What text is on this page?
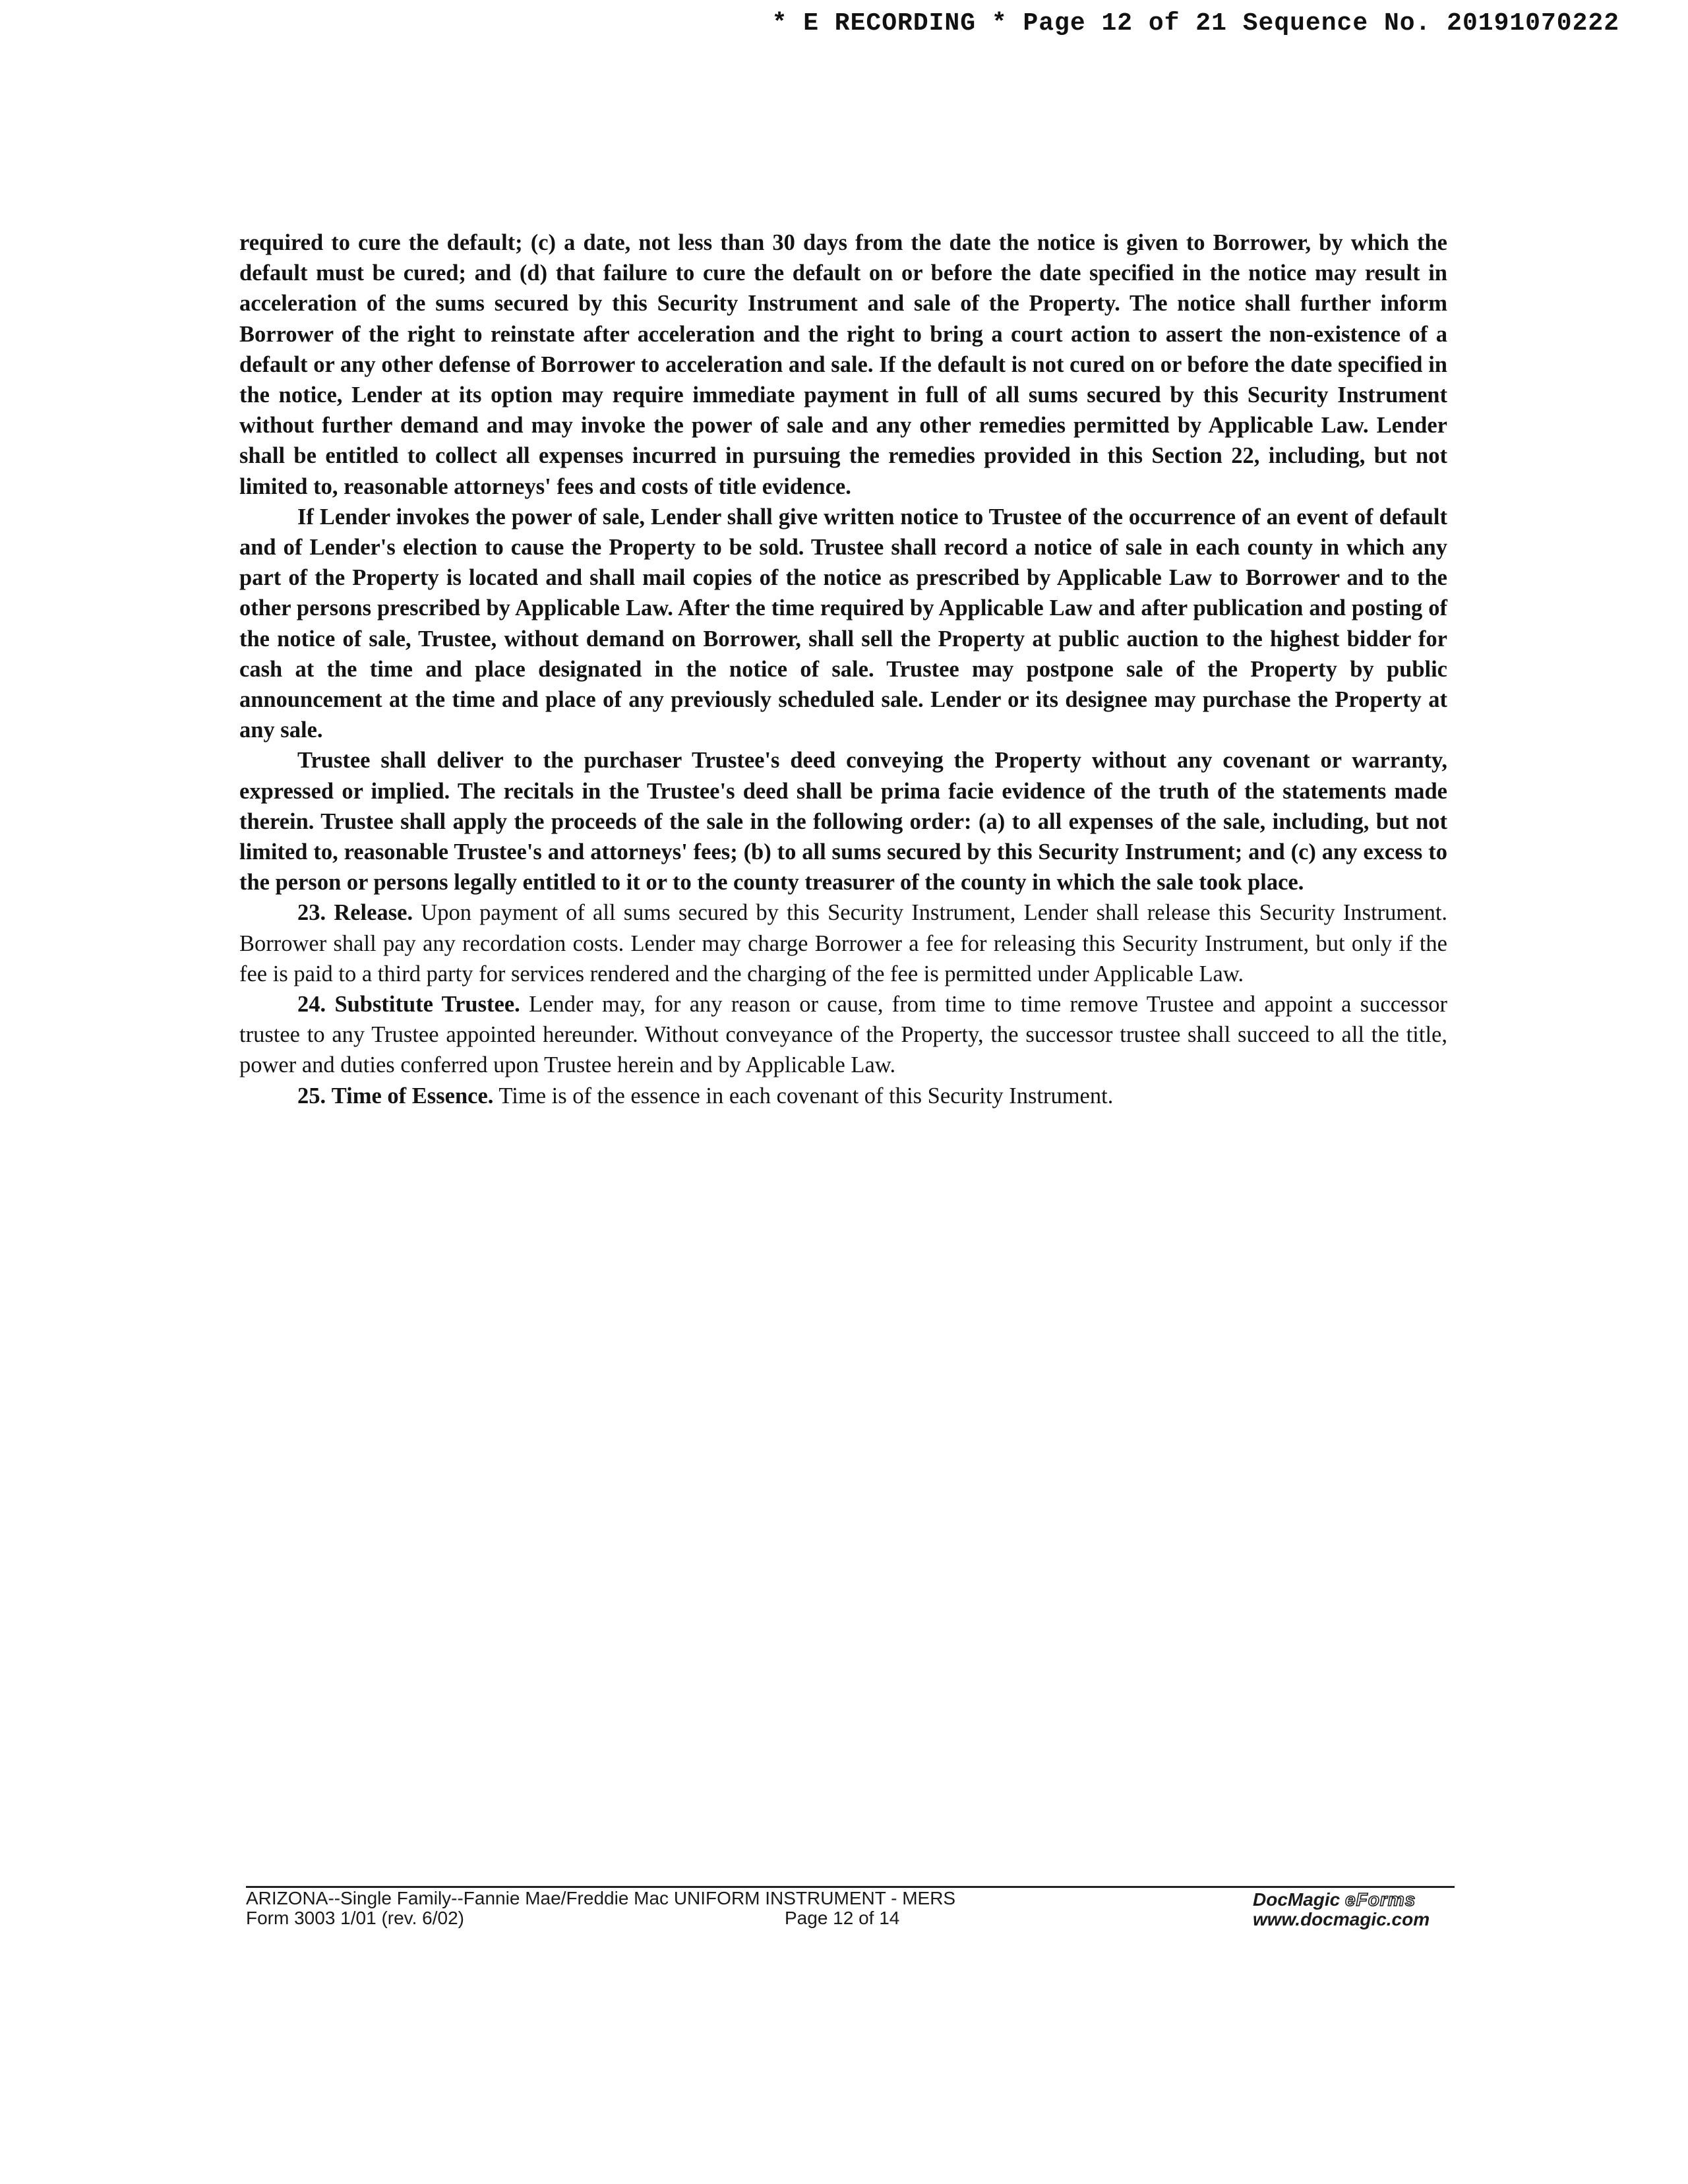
* E RECORDING * Page 12 of 21 Sequence No. 20191070222

required to cure the default; (c) a date, not less than 30 days from the date the notice is given to Borrower, by which the default must be cured; and (d) that failure to cure the default on or before the date specified in the notice may result in acceleration of the sums secured by this Security Instrument and sale of the Property. The notice shall further inform Borrower of the right to reinstate after acceleration and the right to bring a court action to assert the non-existence of a default or any other defense of Borrower to acceleration and sale. If the default is not cured on or before the date specified in the notice, Lender at its option may require immediate payment in full of all sums secured by this Security Instrument without further demand and may invoke the power of sale and any other remedies permitted by Applicable Law. Lender shall be entitled to collect all expenses incurred in pursuing the remedies provided in this Section 22, including, but not limited to, reasonable attorneys' fees and costs of title evidence.

If Lender invokes the power of sale, Lender shall give written notice to Trustee of the occurrence of an event of default and of Lender's election to cause the Property to be sold. Trustee shall record a notice of sale in each county in which any part of the Property is located and shall mail copies of the notice as prescribed by Applicable Law to Borrower and to the other persons prescribed by Applicable Law. After the time required by Applicable Law and after publication and posting of the notice of sale, Trustee, without demand on Borrower, shall sell the Property at public auction to the highest bidder for cash at the time and place designated in the notice of sale. Trustee may postpone sale of the Property by public announcement at the time and place of any previously scheduled sale. Lender or its designee may purchase the Property at any sale.

Trustee shall deliver to the purchaser Trustee's deed conveying the Property without any covenant or warranty, expressed or implied. The recitals in the Trustee's deed shall be prima facie evidence of the truth of the statements made therein. Trustee shall apply the proceeds of the sale in the following order: (a) to all expenses of the sale, including, but not limited to, reasonable Trustee's and attorneys' fees; (b) to all sums secured by this Security Instrument; and (c) any excess to the person or persons legally entitled to it or to the county treasurer of the county in which the sale took place.

23. Release. Upon payment of all sums secured by this Security Instrument, Lender shall release this Security Instrument. Borrower shall pay any recordation costs. Lender may charge Borrower a fee for releasing this Security Instrument, but only if the fee is paid to a third party for services rendered and the charging of the fee is permitted under Applicable Law.

24. Substitute Trustee. Lender may, for any reason or cause, from time to time remove Trustee and appoint a successor trustee to any Trustee appointed hereunder. Without conveyance of the Property, the successor trustee shall succeed to all the title, power and duties conferred upon Trustee herein and by Applicable Law.

25. Time of Essence. Time is of the essence in each covenant of this Security Instrument.

ARIZONA--Single Family--Fannie Mae/Freddie Mac UNIFORM INSTRUMENT - MERS
Form 3003 1/01 (rev. 6/02)	Page 12 of 14
DocMagic eForms
www.docmagic.com
